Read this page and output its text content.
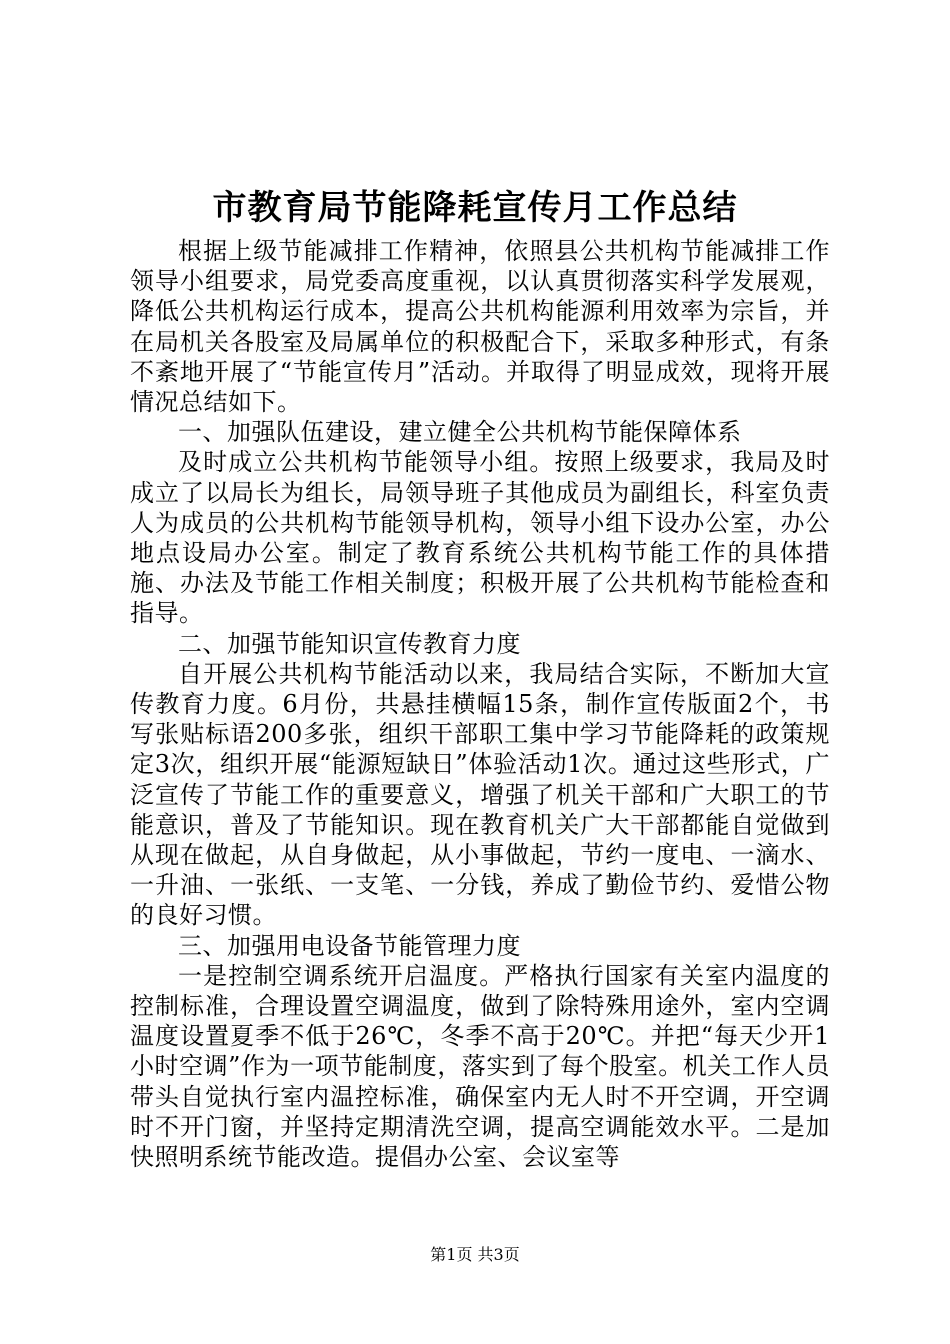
市教育局节能降耗宣传月工作总结

根据上级节能减排工作精神，依照县公共机构节能减排工作领导小组要求，局党委高度重视，以认真贯彻落实科学发展观，降低公共机构运行成本，提高公共机构能源利用效率为宗旨，并在局机关各股室及局属单位的积极配合下，采取多种形式，有条不紊地开展了“节能宣传月”活动。并取得了明显成效，现将开展情况总结如下。

一、加强队伍建设，建立健全公共机构节能保障体系

及时成立公共机构节能领导小组。按照上级要求，我局及时成立了以局长为组长，局领导班子其他成员为副组长，科室负责人为成员的公共机构节能领导机构，领导小组下设办公室，办公地点设局办公室。制定了教育系统公共机构节能工作的具体措施、办法及节能工作相关制度；积极开展了公共机构节能检查和指导。

二、加强节能知识宣传教育力度

自开展公共机构节能活动以来，我局结合实际，不断加大宣传教育力度。6月份，共悬挂横幅15条，制作宣传版面2个，书写张贴标语200多张，组织干部职工集中学习节能降耗的政策规定3次，组织开展“能源短缺日”体验活动1次。通过这些形式，广泛宣传了节能工作的重要意义，增强了机关干部和广大职工的节能意识，普及了节能知识。现在教育机关广大干部都能自觉做到从现在做起，从自身做起，从小事做起，节约一度电、一滴水、一升油、一张纸、一支笔、一分钱，养成了勤俭节约、爱惜公物的良好习惯。

三、加强用电设备节能管理力度

一是控制空调系统开启温度。严格执行国家有关室内温度的控制标准，合理设置空调温度，做到了除特殊用途外，室内空调温度设置夏季不低于26℃，冬季不高于20℃。并把“每天少开1小时空调”作为一项节能制度，落实到了每个股室。机关工作人员带头自觉执行室内温控标准，确保室内无人时不开空调，开空调时不开门窗，并坚持定期清洗空调，提高空调能效水平。二是加快照明系统节能改造。提倡办公室、会议室等

第1页 共3页
